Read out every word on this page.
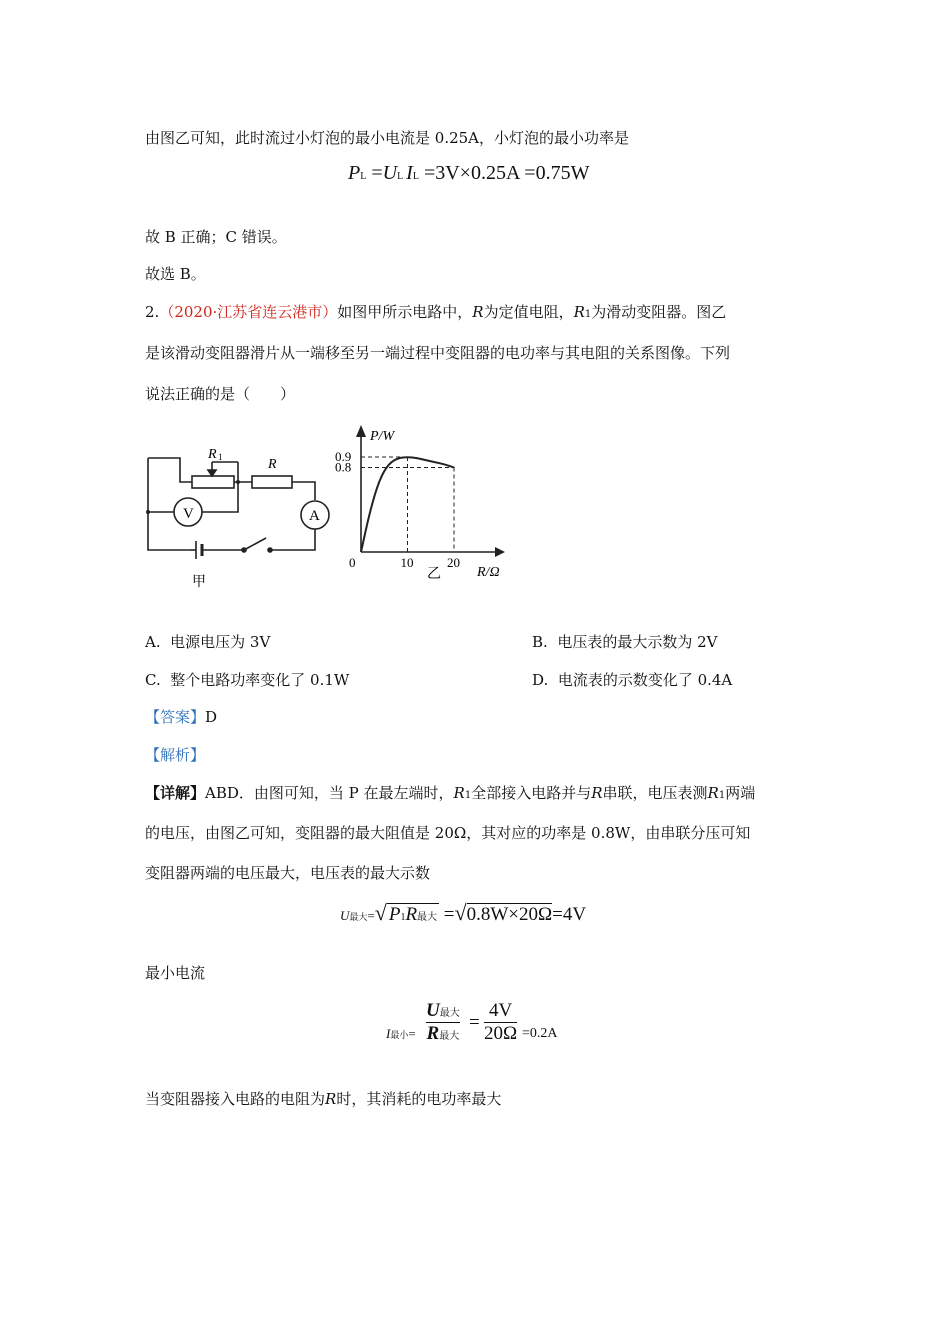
由图乙可知，此时流过小灯泡的最小电流是 0.25A，小灯泡的最小功率是
PL =UL IL =3V×0.25A =0.75W
故 B 正确；C 错误。
故选 B。
2.（2020·江苏省连云港市）如图甲所示电路中，R为定值电阻，R1为滑动变阻器。图乙
是该滑动变阻器滑片从一端移至另一端过程中变阻器的电功率与其电阻的关系图像。下列
说法正确的是（　　）
R 1	R
V	A
甲
P/W
R/Ω
0
乙
10	20
0.9
0.8
A. 电源电压为 3V	B. 电压表的最大示数为 2V
C. 整个电路功率变化了 0.1W	D. 电流表的示数变化了 0.4A
【答案】D
【解析】
【详解】ABD．由图可知，当 P 在最左端时，R1全部接入电路并与R串联，电压表测R1两端
的电压，由图乙可知，变阻器的最大阻值是 20Ω，其对应的功率是 0.8W，由串联分压可知
变阻器两端的电压最大，电压表的最大示数
U最大=√ P1R最大 =√0.8W×20Ω=4V
最小电流
I最小=
U最大
R最大
=
4V
20Ω =0.2A
当变阻器接入电路的电阻为R时，其消耗的电功率最大
